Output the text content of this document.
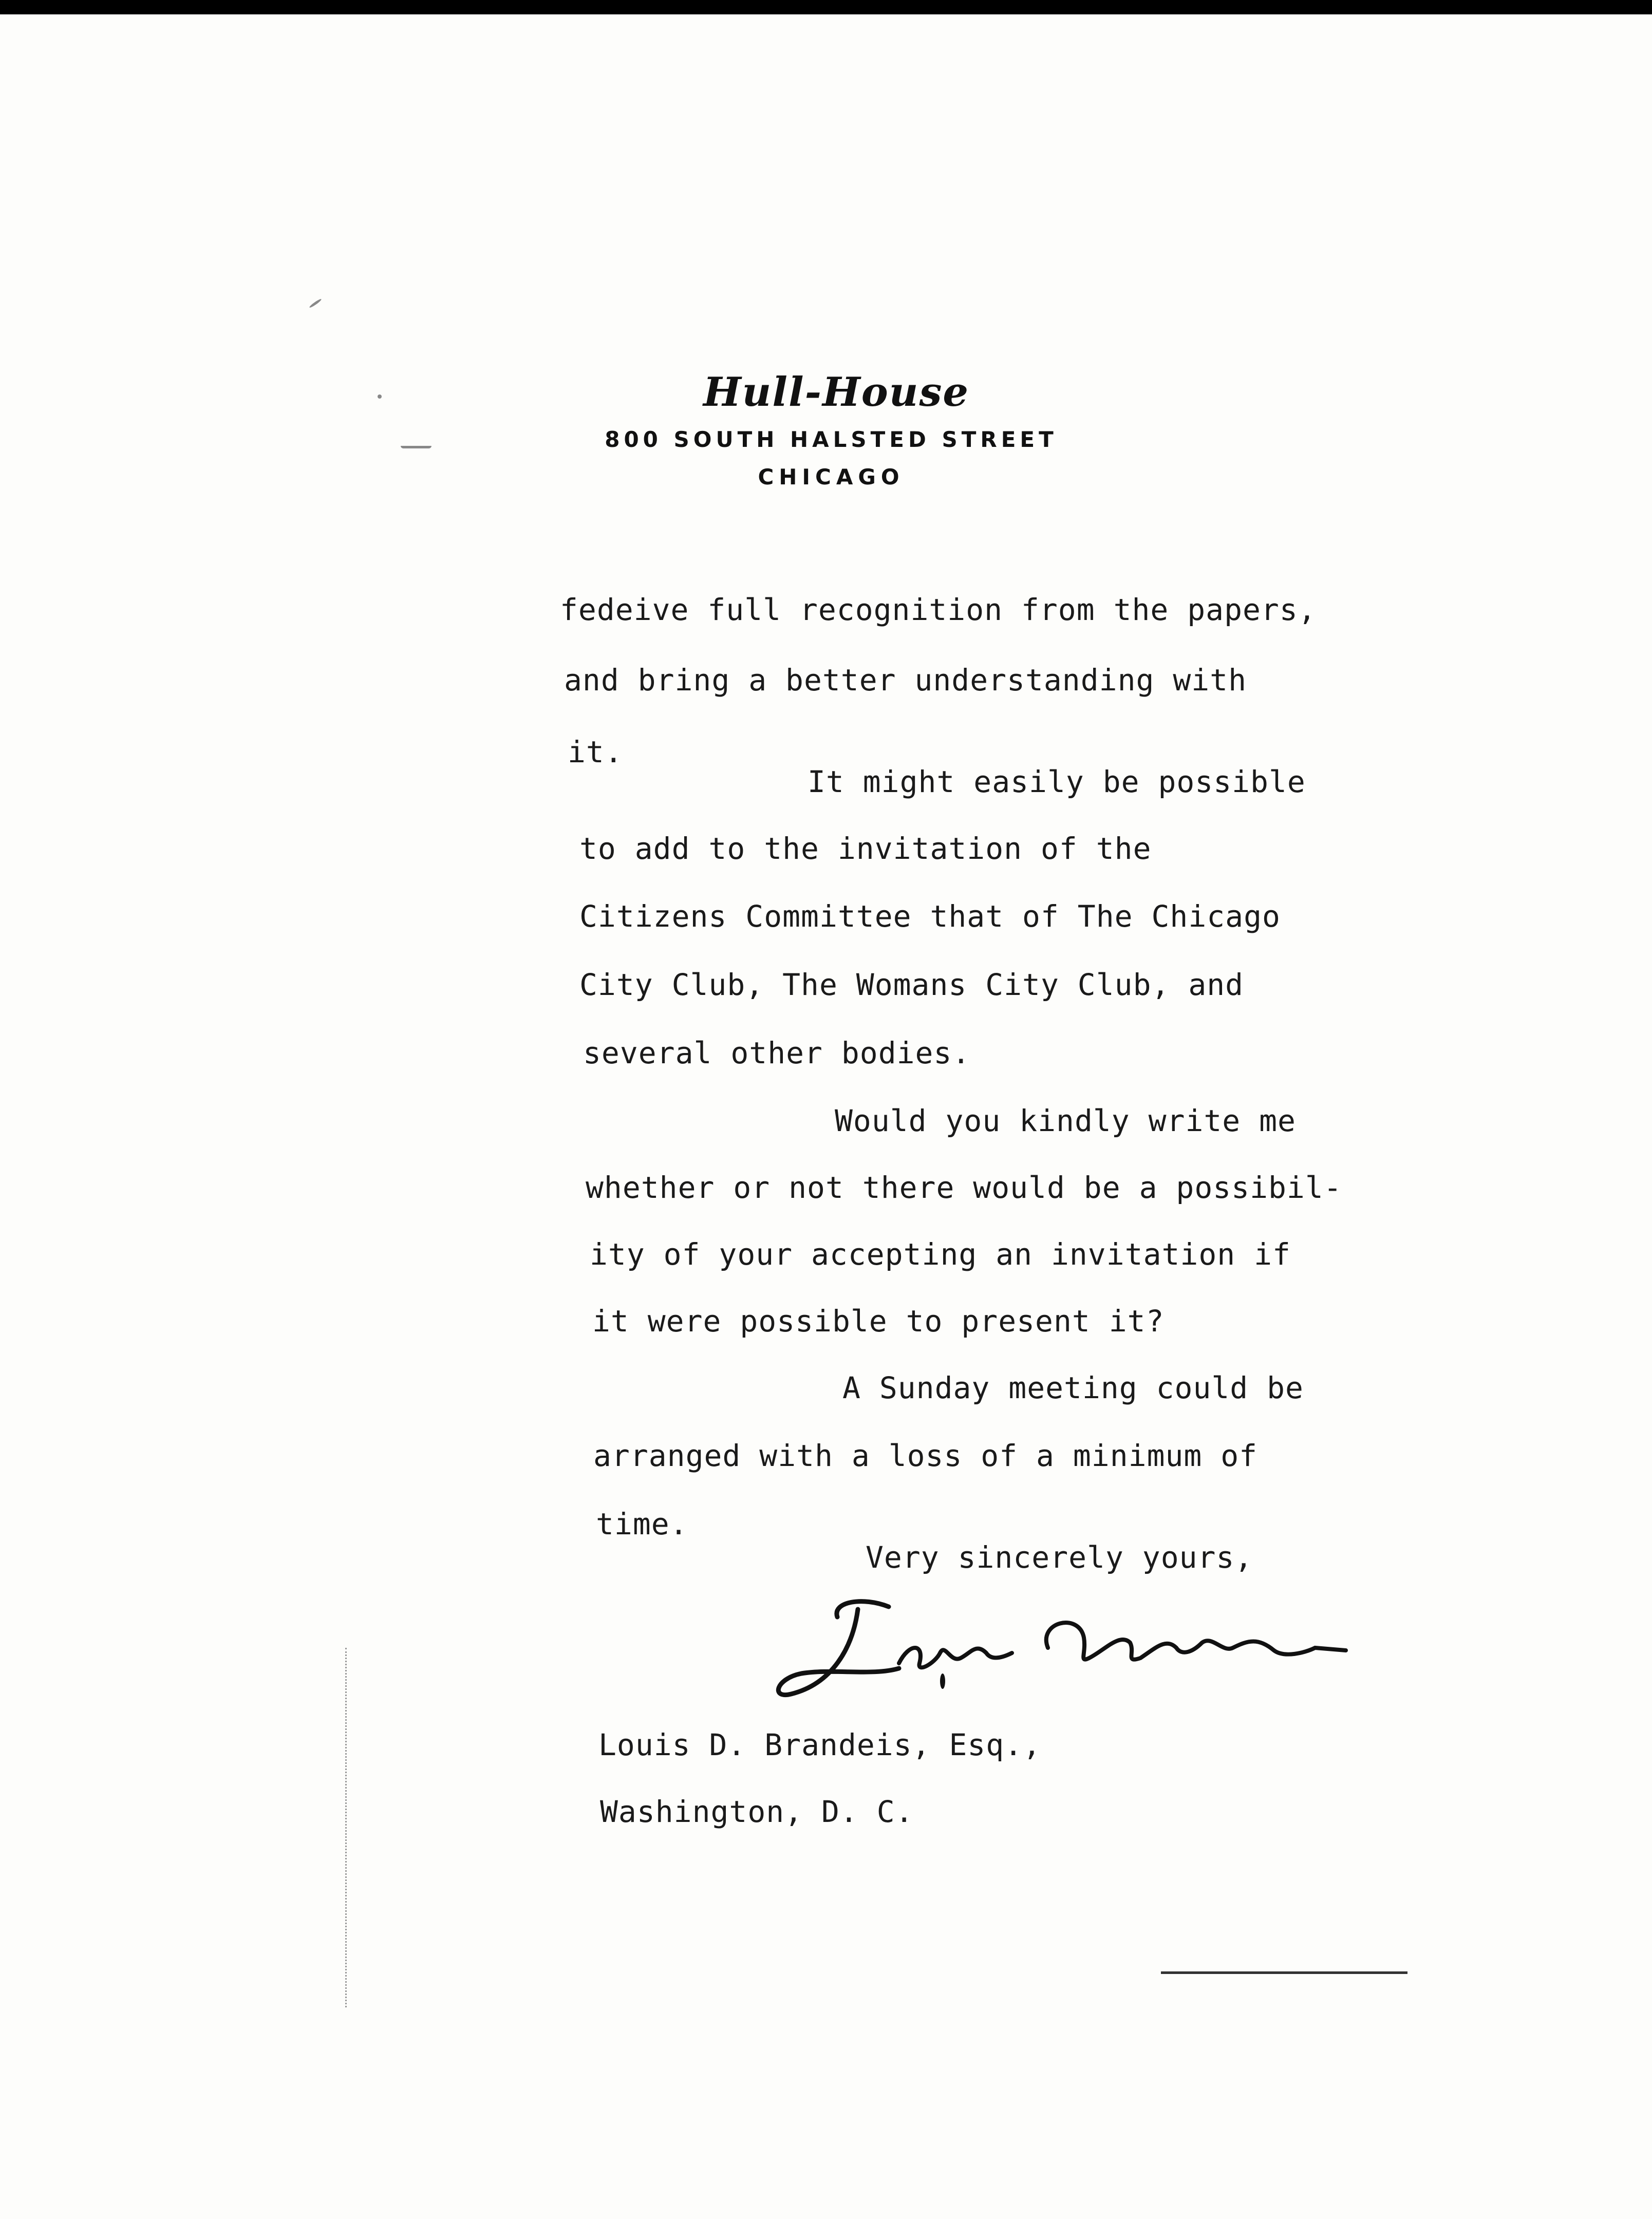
Hull-House
800 SOUTH HALSTED STREET
CHICAGO
fedeive full recognition from the papers,
and bring a better understanding with
it.
It might easily be possible
to add to the invitation of the
Citizens Committee that of The Chicago
City Club, The Womans City Club, and
several other bodies.
Would you kindly write me
whether or not there would be a possibil-
ity of your accepting an invitation if
it were possible to present it?
A Sunday meeting could be
arranged with a loss of a minimum of
time.
Very sincerely yours,
Louis D. Brandeis, Esq.,
Washington, D. C.
